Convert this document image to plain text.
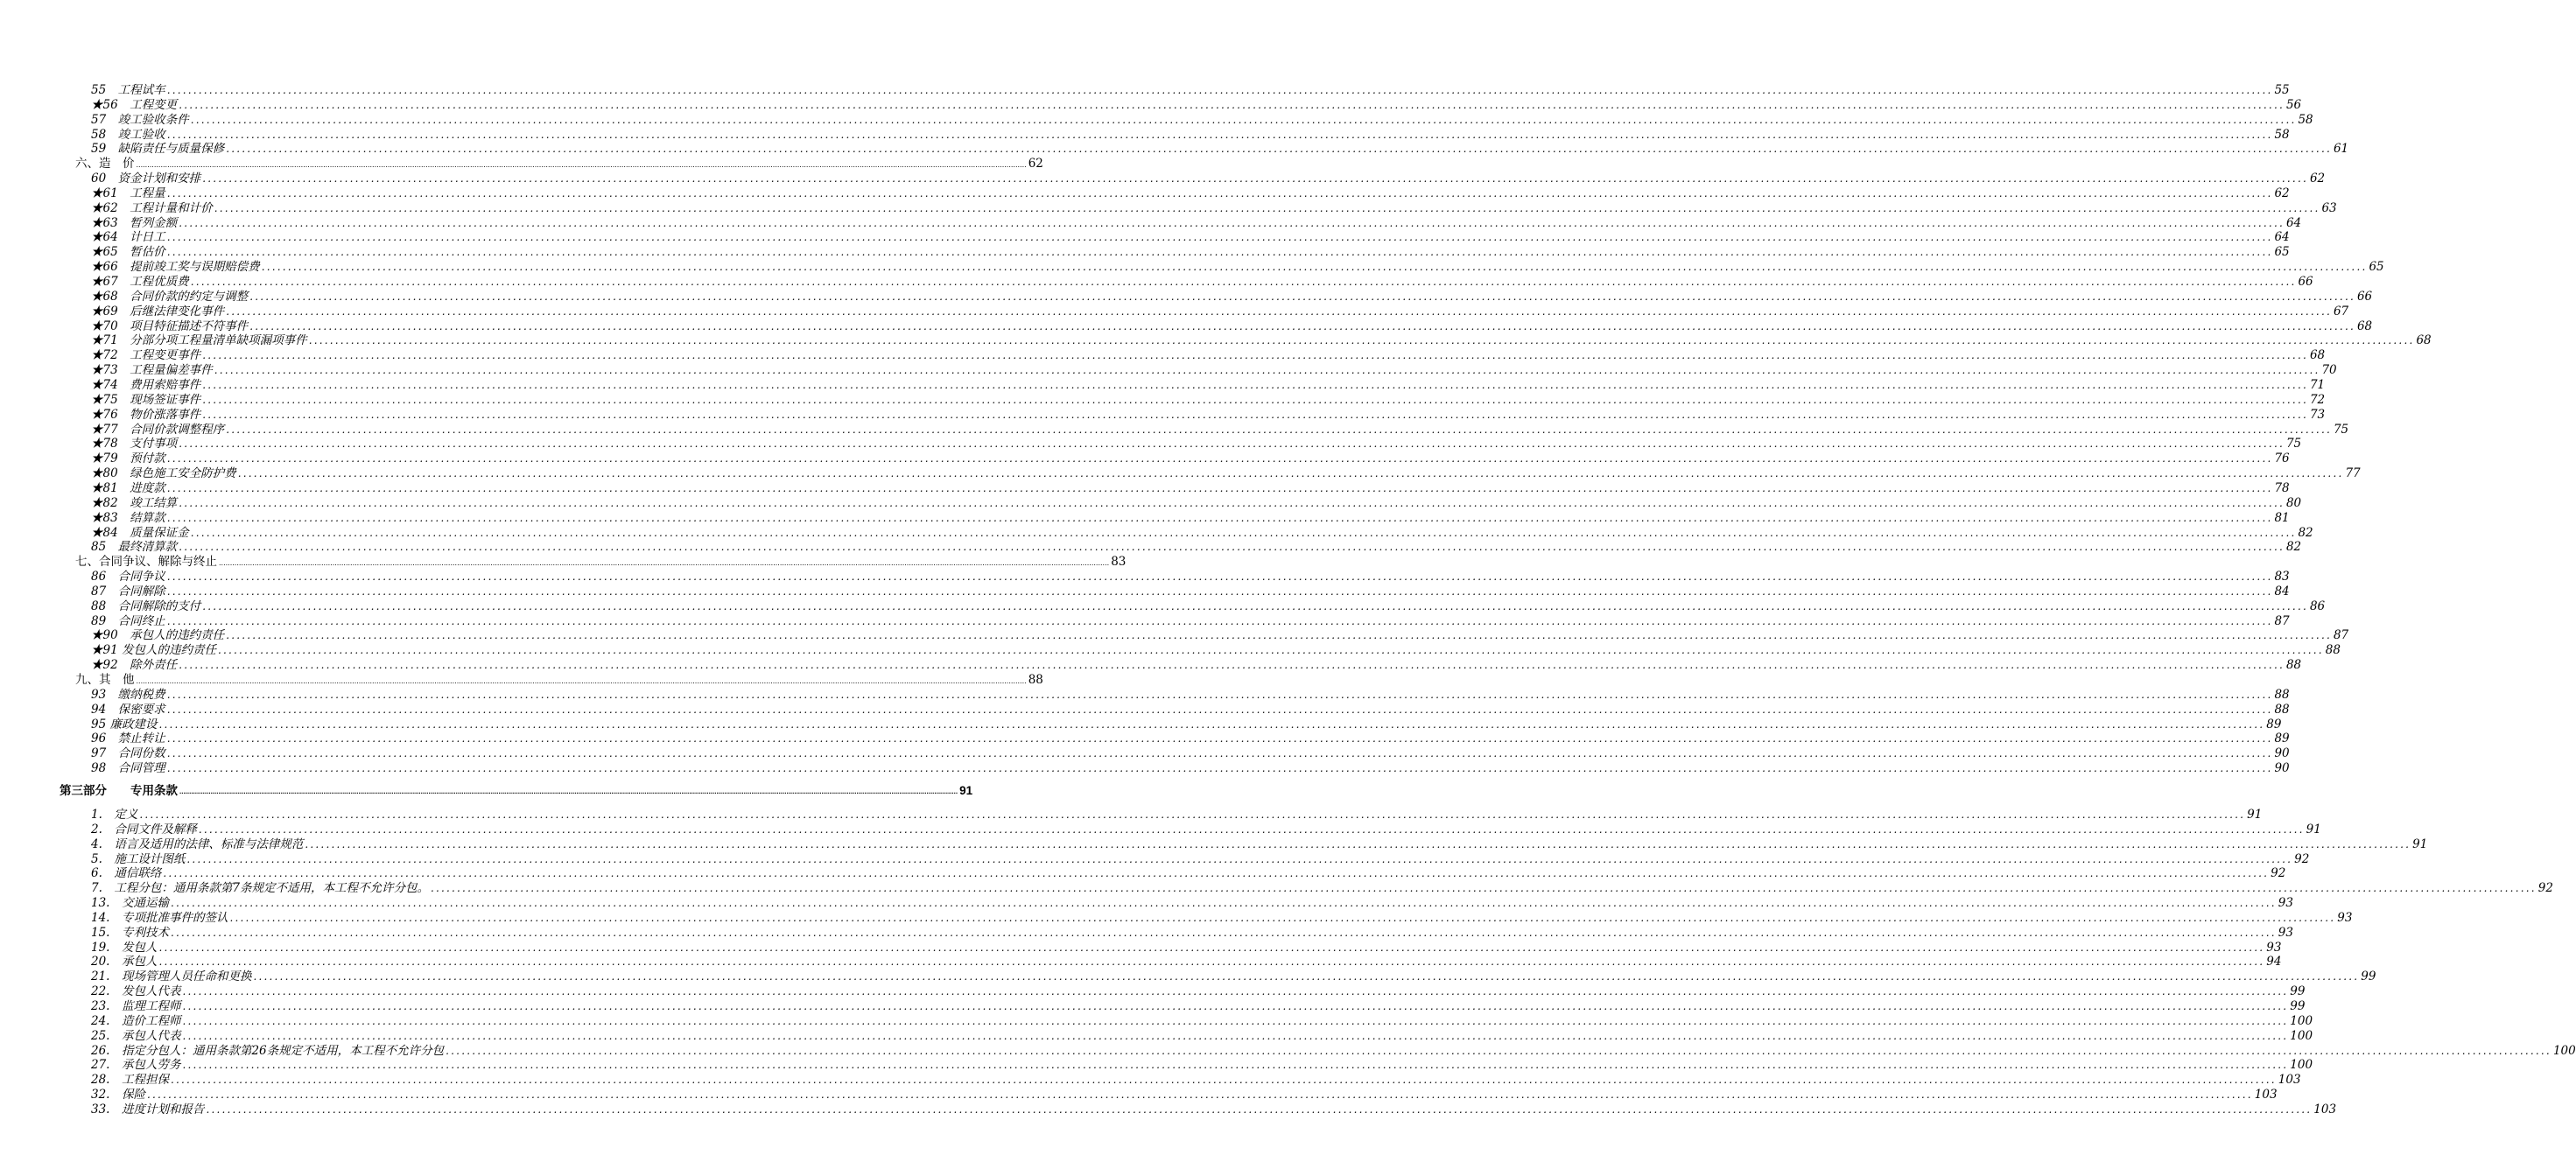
55　工程试车 ................................................................................................................................................................................................................................................................................................................................................................................................................ 55
★56　工程变更 ................................................................................................................................................................................................................................................................................................................................................................................................................ 56
57　竣工验收条件 ................................................................................................................................................................................................................................................................................................................................................................................................................ 58
58　竣工验收 ................................................................................................................................................................................................................................................................................................................................................................................................................ 58
59　缺陷责任与质量保修 ................................................................................................................................................................................................................................................................................................................................................................................................................ 61
六、造　价 ................................................................................................................................................................................................................................................................................................................................................................................................................ 62
60　资金计划和安排 ................................................................................................................................................................................................................................................................................................................................................................................................................ 62
★61　工程量 ................................................................................................................................................................................................................................................................................................................................................................................................................ 62
★62　工程计量和计价 ................................................................................................................................................................................................................................................................................................................................................................................................................ 63
★63　暂列金额 ................................................................................................................................................................................................................................................................................................................................................................................................................ 64
★64　计日工 ................................................................................................................................................................................................................................................................................................................................................................................................................ 64
★65　暂估价 ................................................................................................................................................................................................................................................................................................................................................................................................................ 65
★66　提前竣工奖与误期赔偿费 ................................................................................................................................................................................................................................................................................................................................................................................................................ 65
★67　工程优质费 ................................................................................................................................................................................................................................................................................................................................................................................................................ 66
★68　合同价款的约定与调整 ................................................................................................................................................................................................................................................................................................................................................................................................................ 66
★69　后继法律变化事件 ................................................................................................................................................................................................................................................................................................................................................................................................................ 67
★70　项目特征描述不符事件 ................................................................................................................................................................................................................................................................................................................................................................................................................ 68
★71　分部分项工程量清单缺项漏项事件 ................................................................................................................................................................................................................................................................................................................................................................................................................ 68
★72　工程变更事件 ................................................................................................................................................................................................................................................................................................................................................................................................................ 68
★73　工程量偏差事件 ................................................................................................................................................................................................................................................................................................................................................................................................................ 70
★74　费用索赔事件 ................................................................................................................................................................................................................................................................................................................................................................................................................ 71
★75　现场签证事件 ................................................................................................................................................................................................................................................................................................................................................................................................................ 72
★76　物价涨落事件 ................................................................................................................................................................................................................................................................................................................................................................................................................ 73
★77　合同价款调整程序 ................................................................................................................................................................................................................................................................................................................................................................................................................ 75
★78　支付事项 ................................................................................................................................................................................................................................................................................................................................................................................................................ 75
★79　预付款 ................................................................................................................................................................................................................................................................................................................................................................................................................ 76
★80　绿色施工安全防护费 ................................................................................................................................................................................................................................................................................................................................................................................................................ 77
★81　进度款 ................................................................................................................................................................................................................................................................................................................................................................................................................ 78
★82　竣工结算 ................................................................................................................................................................................................................................................................................................................................................................................................................ 80
★83　结算款 ................................................................................................................................................................................................................................................................................................................................................................................................................ 81
★84　质量保证金 ................................................................................................................................................................................................................................................................................................................................................................................................................ 82
85　最终清算款 ................................................................................................................................................................................................................................................................................................................................................................................................................ 82
七、合同争议、解除与终止 ................................................................................................................................................................................................................................................................................................................................................................................................................ 83
86　合同争议 ................................................................................................................................................................................................................................................................................................................................................................................................................ 83
87　合同解除 ................................................................................................................................................................................................................................................................................................................................................................................................................ 84
88　合同解除的支付 ................................................................................................................................................................................................................................................................................................................................................................................................................ 86
89　合同终止 ................................................................................................................................................................................................................................................................................................................................................................................................................ 87
★90　承包人的违约责任 ................................................................................................................................................................................................................................................................................................................................................................................................................ 87
★91 发包人的违约责任 ................................................................................................................................................................................................................................................................................................................................................................................................................ 88
★92　除外责任 ................................................................................................................................................................................................................................................................................................................................................................................................................ 88
九、其　他 ................................................................................................................................................................................................................................................................................................................................................................................................................ 88
93　缴纳税费 ................................................................................................................................................................................................................................................................................................................................................................................................................ 88
94　保密要求 ................................................................................................................................................................................................................................................................................................................................................................................................................ 88
95 廉政建设 ................................................................................................................................................................................................................................................................................................................................................................................................................ 89
96　禁止转让 ................................................................................................................................................................................................................................................................................................................................................................................................................ 89
97　合同份数 ................................................................................................................................................................................................................................................................................................................................................................................................................ 90
98　合同管理 ................................................................................................................................................................................................................................................................................................................................................................................................................ 90
第三部分　　专用条款 ................................................................................................................................................................................................................................................................................................................................................................................................................ 91
1.　定义 ................................................................................................................................................................................................................................................................................................................................................................................................................ 91
2.　合同文件及解释 ................................................................................................................................................................................................................................................................................................................................................................................................................ 91
4.　语言及适用的法律、标准与法律规范 ................................................................................................................................................................................................................................................................................................................................................................................................................ 91
5.　施工设计图纸 ................................................................................................................................................................................................................................................................................................................................................................................................................ 92
6.　通信联络 ................................................................................................................................................................................................................................................................................................................................................................................................................ 92
7.　工程分包：通用条款第7条规定不适用，本工程不允许分包。 ................................................................................................................................................................................................................................................................................................................................................................................................................ 92
13.　交通运输 ................................................................................................................................................................................................................................................................................................................................................................................................................ 93
14.　专项批准事件的签认 ................................................................................................................................................................................................................................................................................................................................................................................................................ 93
15.　专利技术 ................................................................................................................................................................................................................................................................................................................................................................................................................ 93
19.　发包人 ................................................................................................................................................................................................................................................................................................................................................................................................................ 93
20.　承包人 ................................................................................................................................................................................................................................................................................................................................................................................................................ 94
21.　现场管理人员任命和更换 ................................................................................................................................................................................................................................................................................................................................................................................................................ 99
22.　发包人代表 ................................................................................................................................................................................................................................................................................................................................................................................................................ 99
23.　监理工程师 ................................................................................................................................................................................................................................................................................................................................................................................................................ 99
24.　造价工程师 ................................................................................................................................................................................................................................................................................................................................................................................................................ 100
25.　承包人代表 ................................................................................................................................................................................................................................................................................................................................................................................................................ 100
26.　指定分包人：通用条款第26条规定不适用，本工程不允许分包 ................................................................................................................................................................................................................................................................................................................................................................................................................ 100
27.　承包人劳务 ................................................................................................................................................................................................................................................................................................................................................................................................................ 100
28.　工程担保 ................................................................................................................................................................................................................................................................................................................................................................................................................ 103
32.　保险 ................................................................................................................................................................................................................................................................................................................................................................................................................ 103
33.　进度计划和报告 ................................................................................................................................................................................................................................................................................................................................................................................................................ 103
